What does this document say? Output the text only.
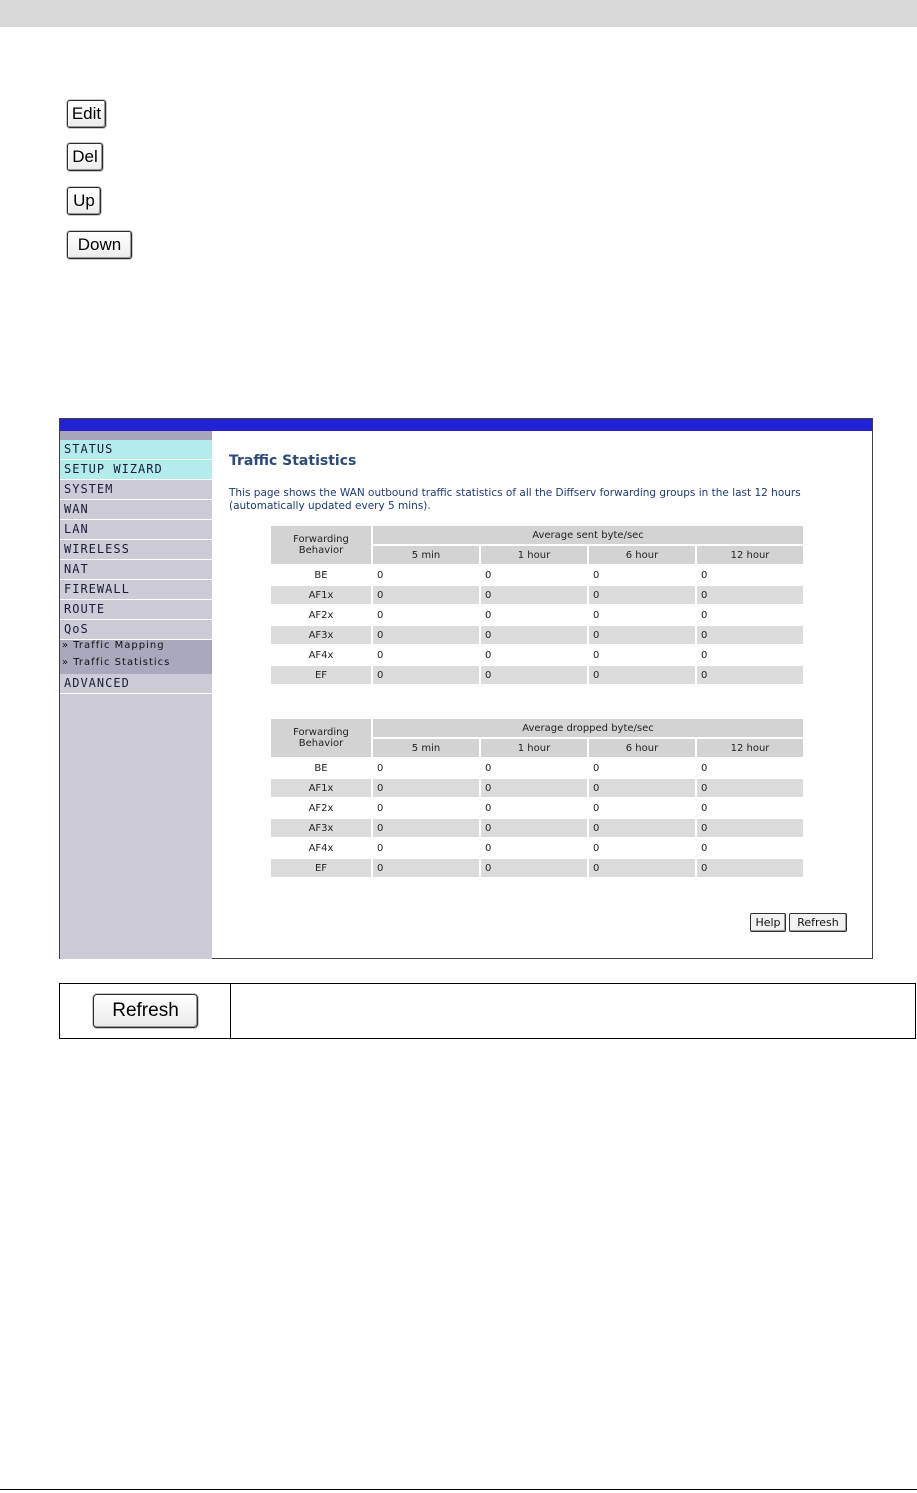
Edit
Del
Up
Down
STATUS
SETUP WIZARD
SYSTEM
WAN
LAN
WIRELESS
NAT
FIREWALL
ROUTE
QoS
» Traffic Mapping
» Traffic Statistics
ADVANCED
Traffic Statistics
This page shows the WAN outbound traffic statistics of all the Diffserv forwarding groups in the last 12 hours (automatically updated every 5 mins).
Forwarding Behavior	Average sent byte/sec			
	5 min	1 hour	6 hour	12 hour
BE	0	0	0	0
AF1x	0	0	0	0
AF2x	0	0	0	0
AF3x	0	0	0	0
AF4x	0	0	0	0
EF	0	0	0	0
Forwarding Behavior	Average dropped byte/sec			
	5 min	1 hour	6 hour	12 hour
BE	0	0	0	0
AF1x	0	0	0	0
AF2x	0	0	0	0
AF3x	0	0	0	0
AF4x	0	0	0	0
EF	0	0	0	0
Help	Refresh
Refresh
